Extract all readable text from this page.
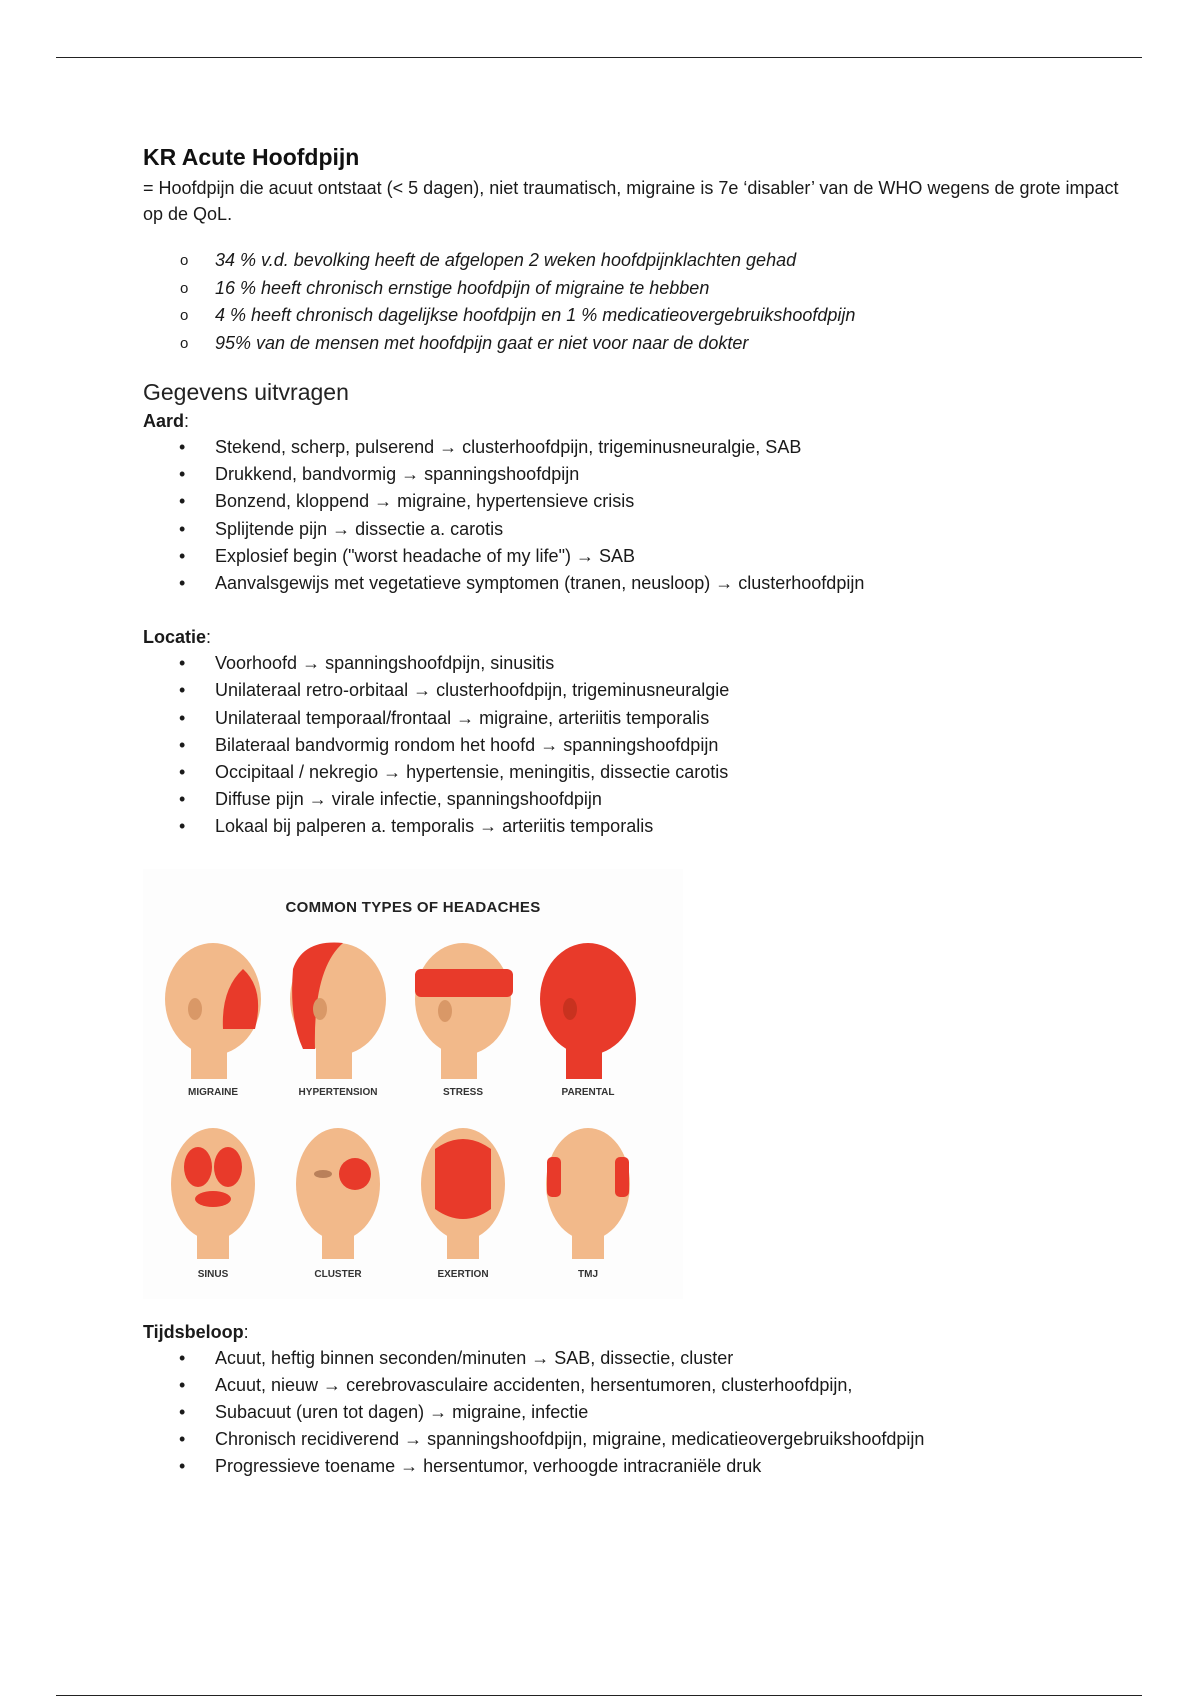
KR Acute Hoofdpijn

= Hoofdpijn die acuut ontstaat (< 5 dagen), niet traumatisch, migraine is 7e ‘disabler’ van de WHO wegens de grote impact op de QoL.

o 34 % v.d. bevolking heeft de afgelopen 2 weken hoofdpijnklachten gehad
o 16 % heeft chronisch ernstige hoofdpijn of migraine te hebben
o 4 % heeft chronisch dagelijkse hoofdpijn en 1 % medicatieovergebruikshoofdpijn
o 95% van de mensen met hoofdpijn gaat er niet voor naar de dokter
Gegevens uitvragen

Aard:

• Stekend, scherp, pulserend → clusterhoofdpijn, trigeminusneuralgie, SAB
• Drukkend, bandvormig → spanningshoofdpijn
• Bonzend, kloppend → migraine, hypertensieve crisis
• Splijtende pijn → dissectie a. carotis
• Explosief begin ("worst headache of my life") → SAB
• Aanvalsgewijs met vegetatieve symptomen (tranen, neusloop) → clusterhoofdpijn

Locatie:

• Voorhoofd → spanningshoofdpijn, sinusitis
• Unilateraal retro-orbitaal → clusterhoofdpijn, trigeminusneuralgie
• Unilateraal temporaal/frontaal → migraine, arteriitis temporalis
• Bilateraal bandvormig rondom het hoofd → spanningshoofdpijn
• Occipitaal / nekregio → hypertensie, meningitis, dissectie carotis
• Diffuse pijn → virale infectie, spanningshoofdpijn
• Lokaal bij palperen a. temporalis → arteriitis temporalis
COMMON TYPES OF HEADACHES
MIGRAINE	HYPERTENSION	STRESS	PARENTAL
SINUS	CLUSTER	EXERTION	TMJ

Tijdsbeloop:

• Acuut, heftig binnen seconden/minuten → SAB, dissectie, cluster
• Acuut, nieuw → cerebrovasculaire accidenten, hersentumoren, clusterhoofdpijn,
• Subacuut (uren tot dagen) → migraine, infectie
• Chronisch recidiverend → spanningshoofdpijn, migraine, medicatieovergebruikshoofdpijn
• Progressieve toename → hersentumor, verhoogde intracraniële druk
